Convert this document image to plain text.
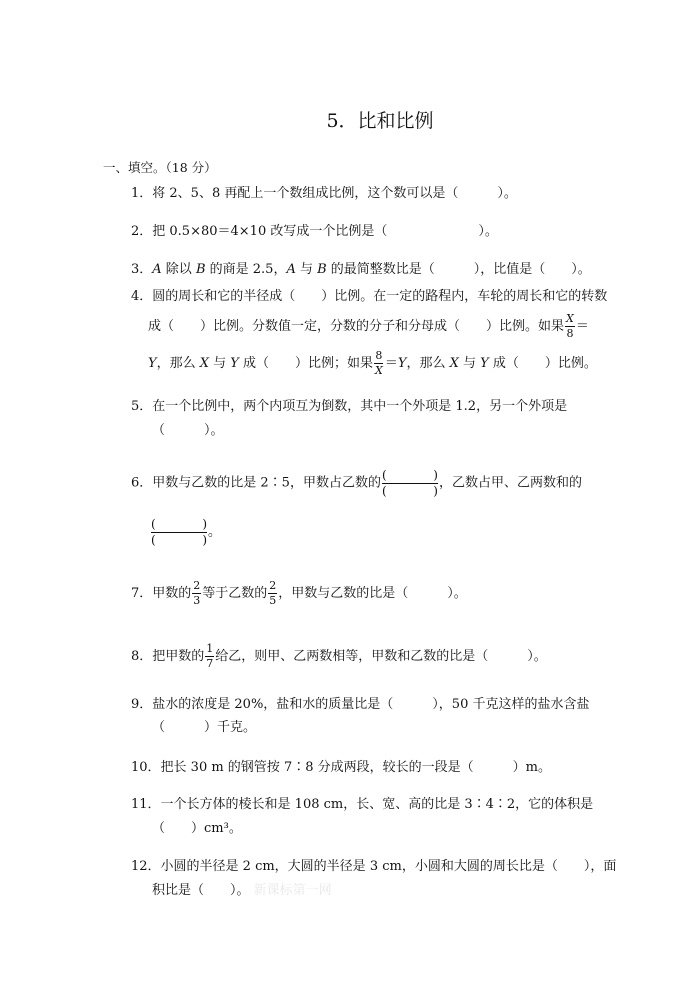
5．比和比例
一、填空。（18 分）
1．将 2、5、8 再配上一个数组成比例，这个数可以是（　　　）。
2．把 0.5×80＝4×10 改写成一个比例是（　　　　　　　）。
3．A 除以 B 的商是 2.5，A 与 B 的最简整数比是（　　　），比值是（　　）。
4．圆的周长和它的半径成（　　）比例。在一定的路程内，车轮的周长和它的转数
成（　　）比例。分数值一定，分数的分子和分母成（　　）比例。如果 $\frac{X}{8}$ ＝
Y，那么 X 与 Y 成（　　）比例；如果 $\frac{8}{X} =Y$，那么 X 与 Y 成（　　）比例。
5．在一个比例中，两个内项互为倒数，其中一个外项是 1.2，另一个外项是
（　　　）。
6．甲数与乙数的比是 2∶5，甲数占乙数的
(	)
(	)
，乙数占甲、乙两数和的
(	)
(	)
。
7．甲数的 $\frac{2}{3}$ 等于乙数的 $\frac{2}{5}$ ，甲数与乙数的比是（　　　）。
8．把甲数的 $\frac{1}{7}$ 给乙，则甲、乙两数相等，甲数和乙数的比是（　　　）。
9．盐水的浓度是 20%，盐和水的质量比是（　　　），50 千克这样的盐水含盐
（　　　）千克。
10．把长 30 m 的钢管按 7∶8 分成两段，较长的一段是（　　　）m。
11．一个长方体的棱长和是 108 cm，长、宽、高的比是 3∶4∶2，它的体积是
（　　）cm³。
12．小圆的半径是 2 cm，大圆的半径是 3 cm，小圆和大圆的周长比是（　　），面
积比是（　　）。 新课标第一网
